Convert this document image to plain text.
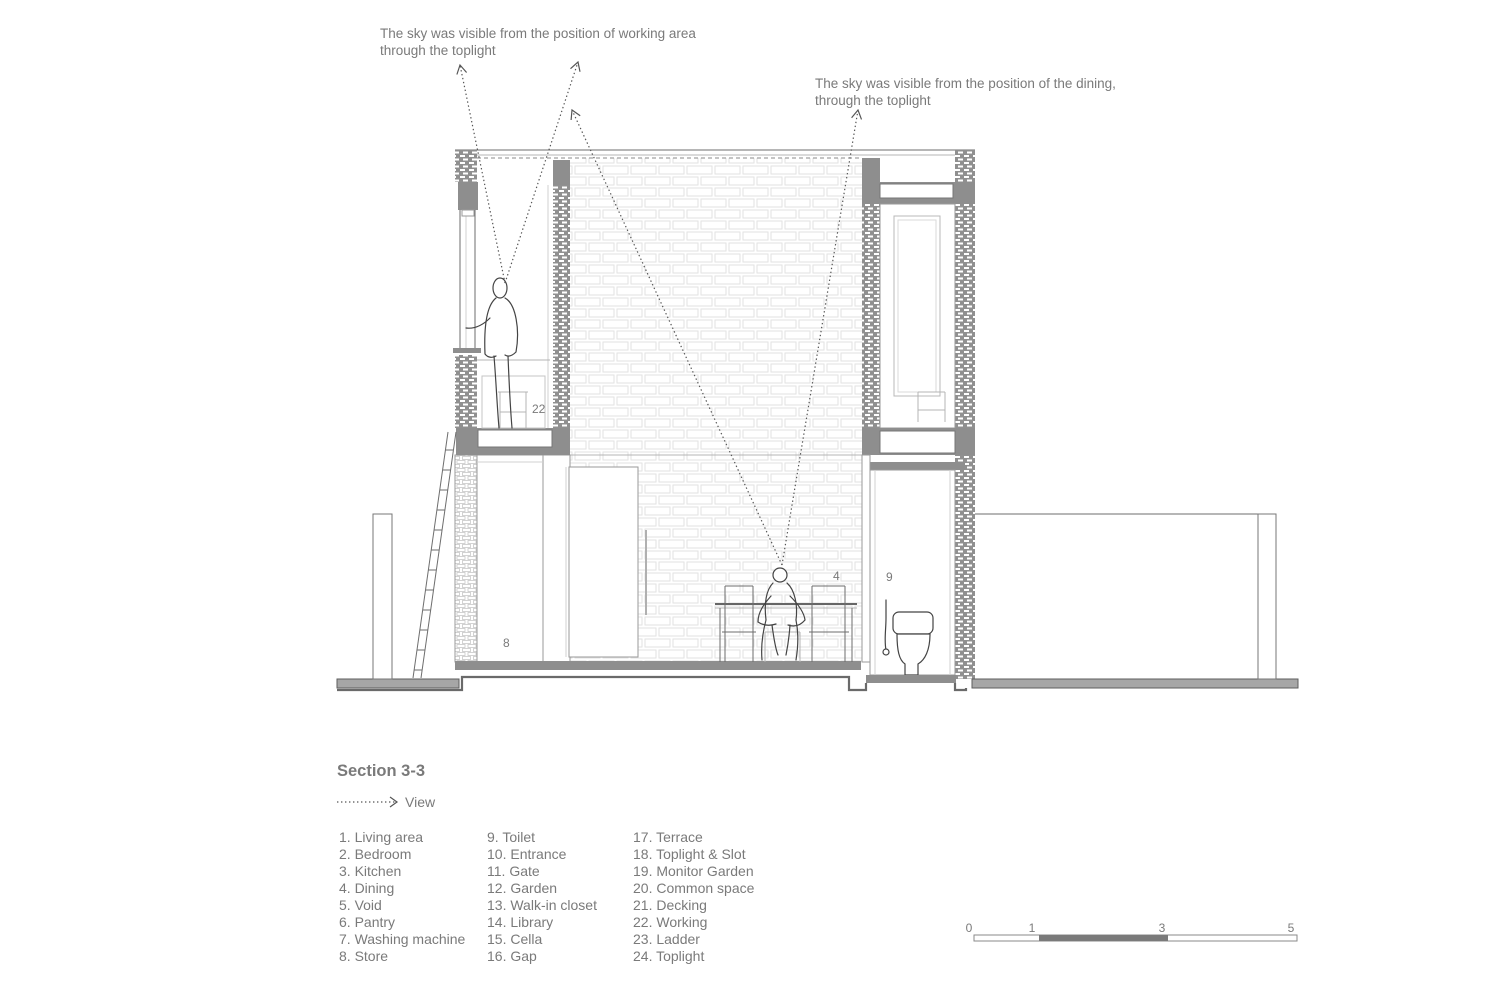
The sky was visible from the position of working area
through the toplight
The sky was visible from the position of the dining,
through the toplight
22
4	9
8
Section 3-3
View
1. Living area
2. Bedroom
3. Kitchen
4. Dining
5. Void
6. Pantry
7. Washing machine
8. Store
9. Toilet
10. Entrance
11. Gate
12. Garden
13. Walk-in closet
14. Library
15. Cella
16. Gap
17. Terrace
18. Toplight & Slot
19. Monitor Garden
20. Common space
21. Decking
22. Working
23. Ladder
24. Toplight
0	1	3	5
